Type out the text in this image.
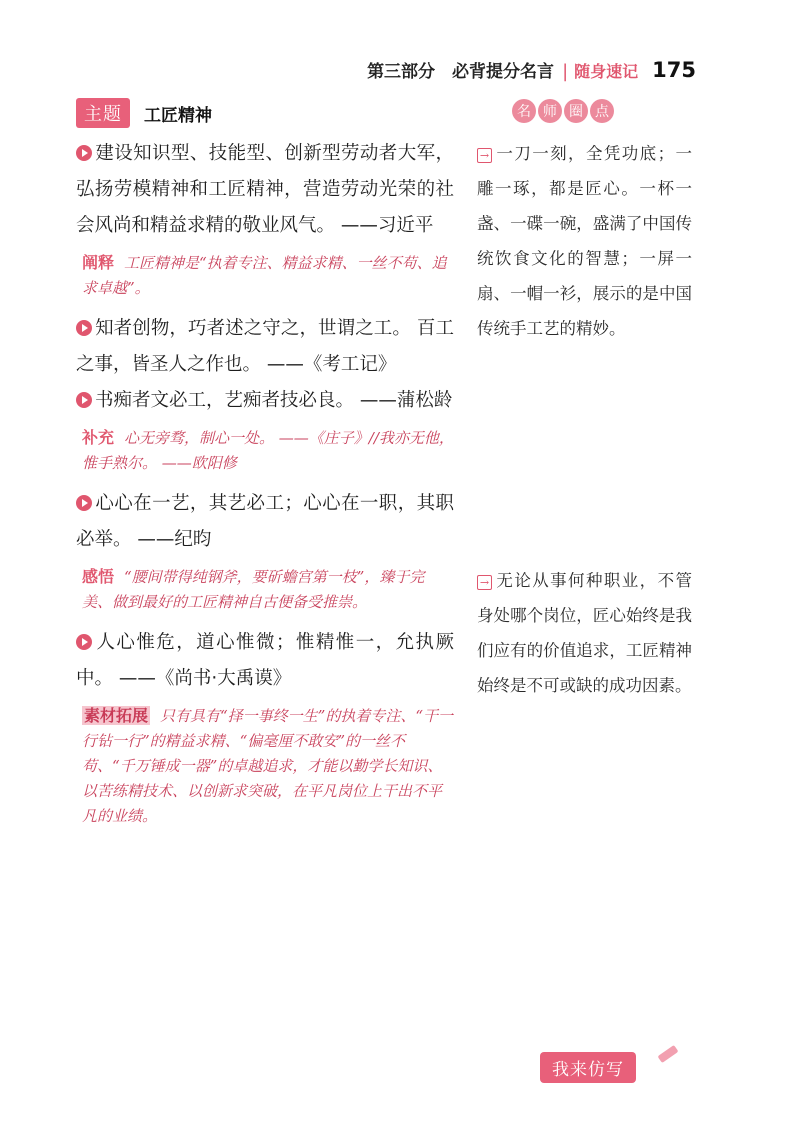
第三部分　必背提分名言 | 随身速记 175
主题	工匠精神	名 师 圈 点
建设知识型、技能型、创新型劳动者大军，弘扬劳模精神和工匠精神，营造劳动光荣的社会风尚和精益求精的敬业风气。 ——习近平
阐释 工匠精神是“执着专注、精益求精、一丝不苟、追求卓越”。
知者创物，巧者述之守之，世谓之工。 百工之事，皆圣人之作也。 ——《考工记》
书痴者文必工，艺痴者技必良。 ——蒲松龄
补充 心无旁骛，制心一处。 ——《庄子》//我亦无他，惟手熟尔。 ——欧阳修
心心在一艺，其艺必工；心心在一职，其职必举。 ——纪昀
感悟 “腰间带得纯钢斧，要斫蟾宫第一枝”，臻于完美、做到最好的工匠精神自古便备受推崇。
人心惟危，道心惟微；惟精惟一，允执厥中。 ——《尚书·大禹谟》
素材拓展 只有具有“择一事终一生”的执着专注、“干一行钻一行”的精益求精、“偏毫厘不敢安”的一丝不苟、“千万锤成一器”的卓越追求，才能以勤学长知识、以苦练精技术、以创新求突破，在平凡岗位上干出不平凡的业绩。
→ 一刀一刻，全凭功底；一雕一琢，都是匠心。一杯一盏、一碟一碗，盛满了中国传统饮食文化的智慧；一屏一扇、一帽一衫，展示的是中国传统手工艺的精妙。
→ 无论从事何种职业，不管身处哪个岗位，匠心始终是我们应有的价值追求，工匠精神始终是不可或缺的成功因素。
我来仿写
